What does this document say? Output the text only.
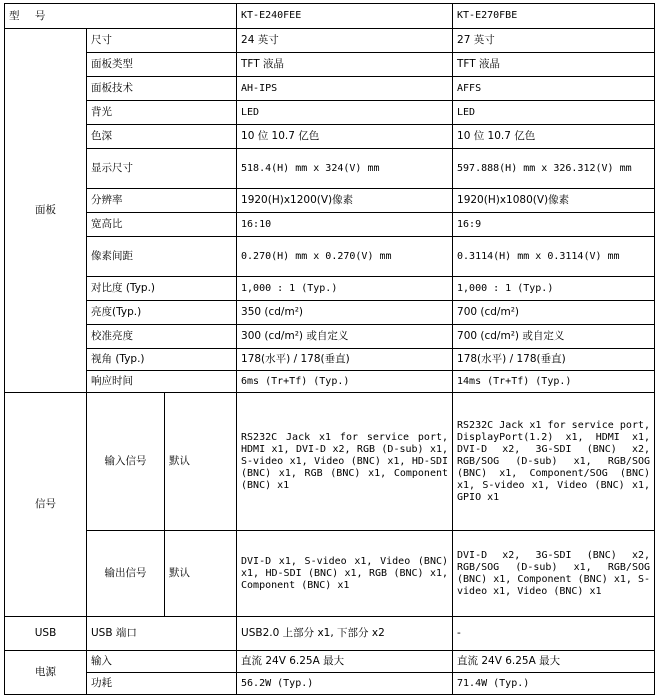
型 号			KT-E240FEE	KT-E270FBE
面板	尺寸		24 英寸	27 英寸
	面板类型		TFT 液晶	TFT 液晶
	面板技术		AH-IPS	AFFS
	背光		LED	LED
	色深		10 位 10.7 亿色	10 位 10.7 亿色
	显示尺寸		518.4(H) mm x 324(V) mm	597.888(H) mm x 326.312(V) mm
	分辨率		1920(H)x1200(V)像素	1920(H)x1080(V)像素
	宽高比		16:10	16:9
	像素间距		0.270(H) mm x 0.270(V) mm	0.3114(H) mm x 0.3114(V) mm
	对比度 (Typ.)		1,000 : 1 (Typ.)	1,000 : 1 (Typ.)
	亮度(Typ.)		350 (cd/m²)	700 (cd/m²)
	校准亮度		300 (cd/m²) 或自定义	700 (cd/m²) 或自定义
	视角 (Typ.)		178(水平) / 178(垂直)	178(水平) / 178(垂直)
	响应时间		6ms (Tr+Tf) (Typ.)	14ms (Tr+Tf) (Typ.)
信号	输入信号	默认	RS232C Jack x1 for service port, HDMI x1, DVI-D x2, RGB (D-sub) x1, S-video x1, Video (BNC) x1, HD-SDI (BNC) x1, RGB (BNC) x1, Component (BNC) x1	RS232C Jack x1 for service port, DisplayPort(1.2) x1, HDMI x1, DVI-D x2, 3G-SDI (BNC) x2, RGB/SOG (D-sub) x1, RGB/SOG (BNC) x1, Component/SOG (BNC) x1, S-video x1, Video (BNC) x1, GPIO x1
	输出信号	默认	DVI-D x1, S-video x1, Video (BNC) x1, HD-SDI (BNC) x1, RGB (BNC) x1, Component (BNC) x1	DVI-D x2, 3G-SDI (BNC) x2, RGB/SOG (D-sub) x1, RGB/SOG (BNC) x1, Component (BNC) x1, S-video x1, Video (BNC) x1
USB	USB 端口		USB2.0 上部分 x1, 下部分 x2	-
电源	输入		直流 24V 6.25A 最大	直流 24V 6.25A 最大
	功耗		56.2W (Typ.)	71.4W (Typ.)
